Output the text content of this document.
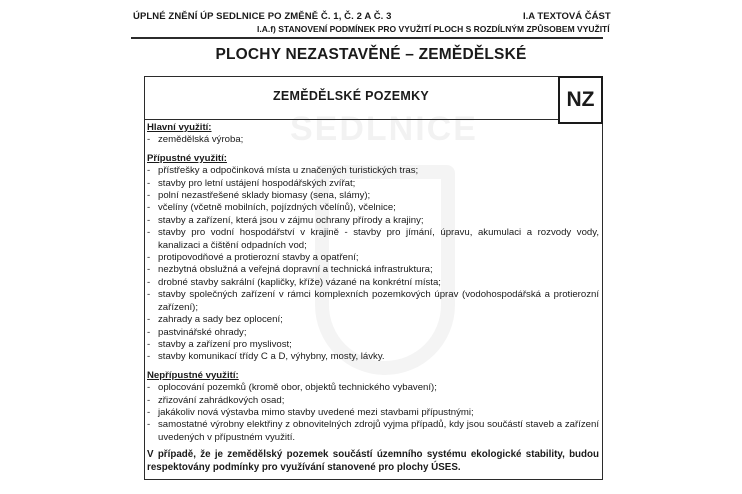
ÚPLNÉ ZNĚNÍ ÚP SEDLNICE PO ZMĚNĚ Č. 1, Č. 2 A Č. 3	I.A TEXTOVÁ ČÁST
I.A.f) STANOVENÍ PODMÍNEK PRO VYUŽITÍ PLOCH S ROZDÍLNÝM ZPŮSOBEM VYUŽITÍ
PLOCHY NEZASTAVĚNÉ – ZEMĚDĚLSKÉ
SEDLNICE
ZEMĚDĚLSKÉ POZEMKY	NZ
Hlavní využití:
- zemědělská výroba;
Přípustné využití:
- přístřešky a odpočinková místa u značených turistických tras;
- stavby pro letní ustájení hospodářských zvířat;
- polní nezastřešené sklady biomasy (sena, slámy);
- včelíny (včetně mobilních, pojízdných včelínů), včelnice;
- stavby a zařízení, která jsou v zájmu ochrany přírody a krajiny;
- stavby pro vodní hospodářství v krajině - stavby pro jímání, úpravu, akumulaci a rozvody vody, kanalizaci a čištění odpadních vod;
- protipovodňové a protierozní stavby a opatření;
- nezbytná obslužná a veřejná dopravní a technická infrastruktura;
- drobné stavby sakrální (kapličky, kříže) vázané na konkrétní místa;
- stavby společných zařízení v rámci komplexních pozemkových úprav (vodohospodářská a protierozní zařízení);
- zahrady a sady bez oplocení;
- pastvinářské ohrady;
- stavby a zařízení pro myslivost;
- stavby komunikací třídy C a D, výhybny, mosty, lávky.
Nepřípustné využití:
- oplocování pozemků (kromě obor, objektů technického vybavení);
- zřizování zahrádkových osad;
- jakákoliv nová výstavba mimo stavby uvedené mezi stavbami přípustnými;
- samostatné výrobny elektřiny z obnovitelných zdrojů vyjma případů, kdy jsou součástí staveb a zařízení uvedených v přípustném využití.
V případě, že je zemědělský pozemek součástí územního systému ekologické stability, budou respektovány podmínky pro využívání stanovené pro plochy ÚSES.
